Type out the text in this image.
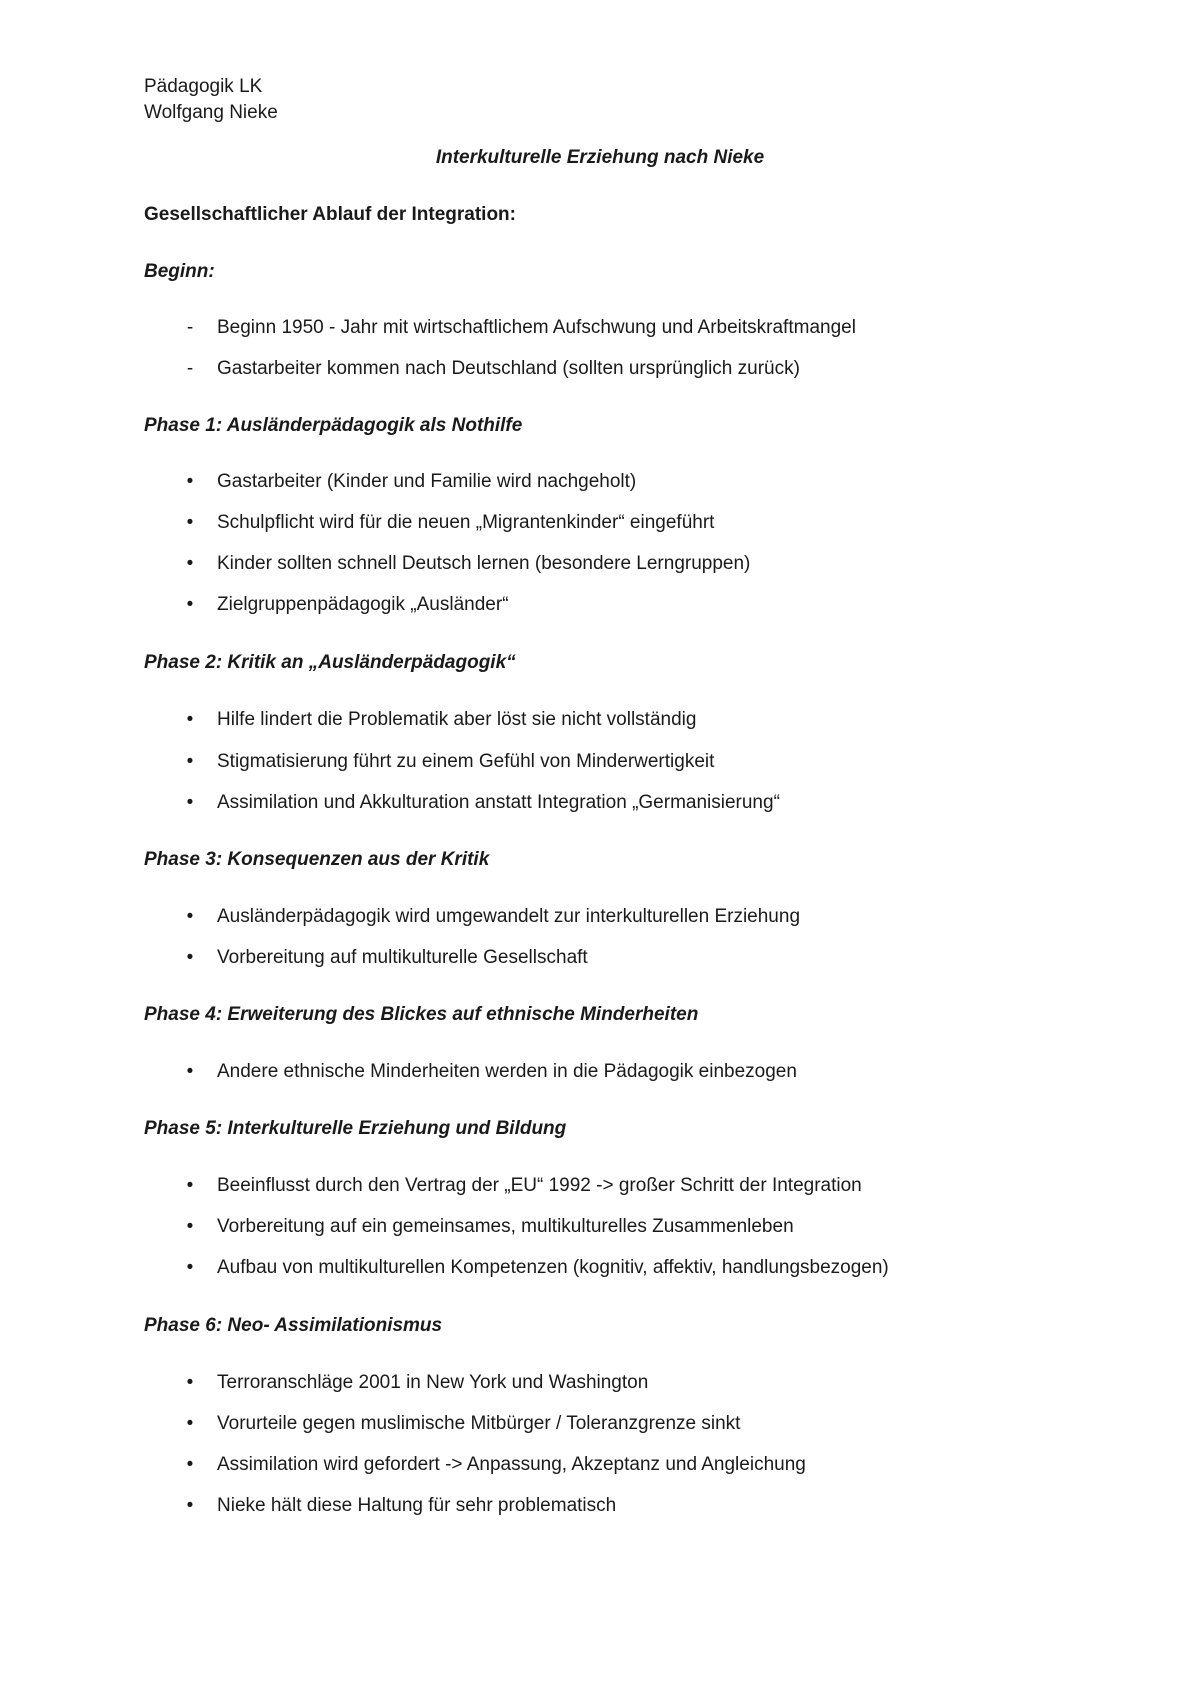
Pädagogik LK
Wolfgang Nieke
Interkulturelle Erziehung nach Nieke
Gesellschaftlicher Ablauf der Integration:
Beginn:
-	Beginn 1950 - Jahr mit wirtschaftlichem Aufschwung und Arbeitskraftmangel
-	Gastarbeiter kommen nach Deutschland (sollten ursprünglich zurück)
Phase 1: Ausländerpädagogik als Nothilfe
•	Gastarbeiter (Kinder und Familie wird nachgeholt)
•	Schulpflicht wird für die neuen „Migrantenkinder“ eingeführt
•	Kinder sollten schnell Deutsch lernen (besondere Lerngruppen)
•	Zielgruppenpädagogik „Ausländer“
Phase 2: Kritik an „Ausländerpädagogik“
•	Hilfe lindert die Problematik aber löst sie nicht vollständig
•	Stigmatisierung führt zu einem Gefühl von Minderwertigkeit
•	Assimilation und Akkulturation anstatt Integration „Germanisierung“
Phase 3: Konsequenzen aus der Kritik
•	Ausländerpädagogik wird umgewandelt zur interkulturellen Erziehung
•	Vorbereitung auf multikulturelle Gesellschaft
Phase 4: Erweiterung des Blickes auf ethnische Minderheiten
•	Andere ethnische Minderheiten werden in die Pädagogik einbezogen
Phase 5: Interkulturelle Erziehung und Bildung
•	Beeinflusst durch den Vertrag der „EU“ 1992 -> großer Schritt der Integration
•	Vorbereitung auf ein gemeinsames, multikulturelles Zusammenleben
•	Aufbau von multikulturellen Kompetenzen (kognitiv, affektiv, handlungsbezogen)
Phase 6: Neo- Assimilationismus
•	Terroranschläge 2001 in New York und Washington
•	Vorurteile gegen muslimische Mitbürger / Toleranzgrenze sinkt
•	Assimilation wird gefordert -> Anpassung, Akzeptanz und Angleichung
•	Nieke hält diese Haltung für sehr problematisch
